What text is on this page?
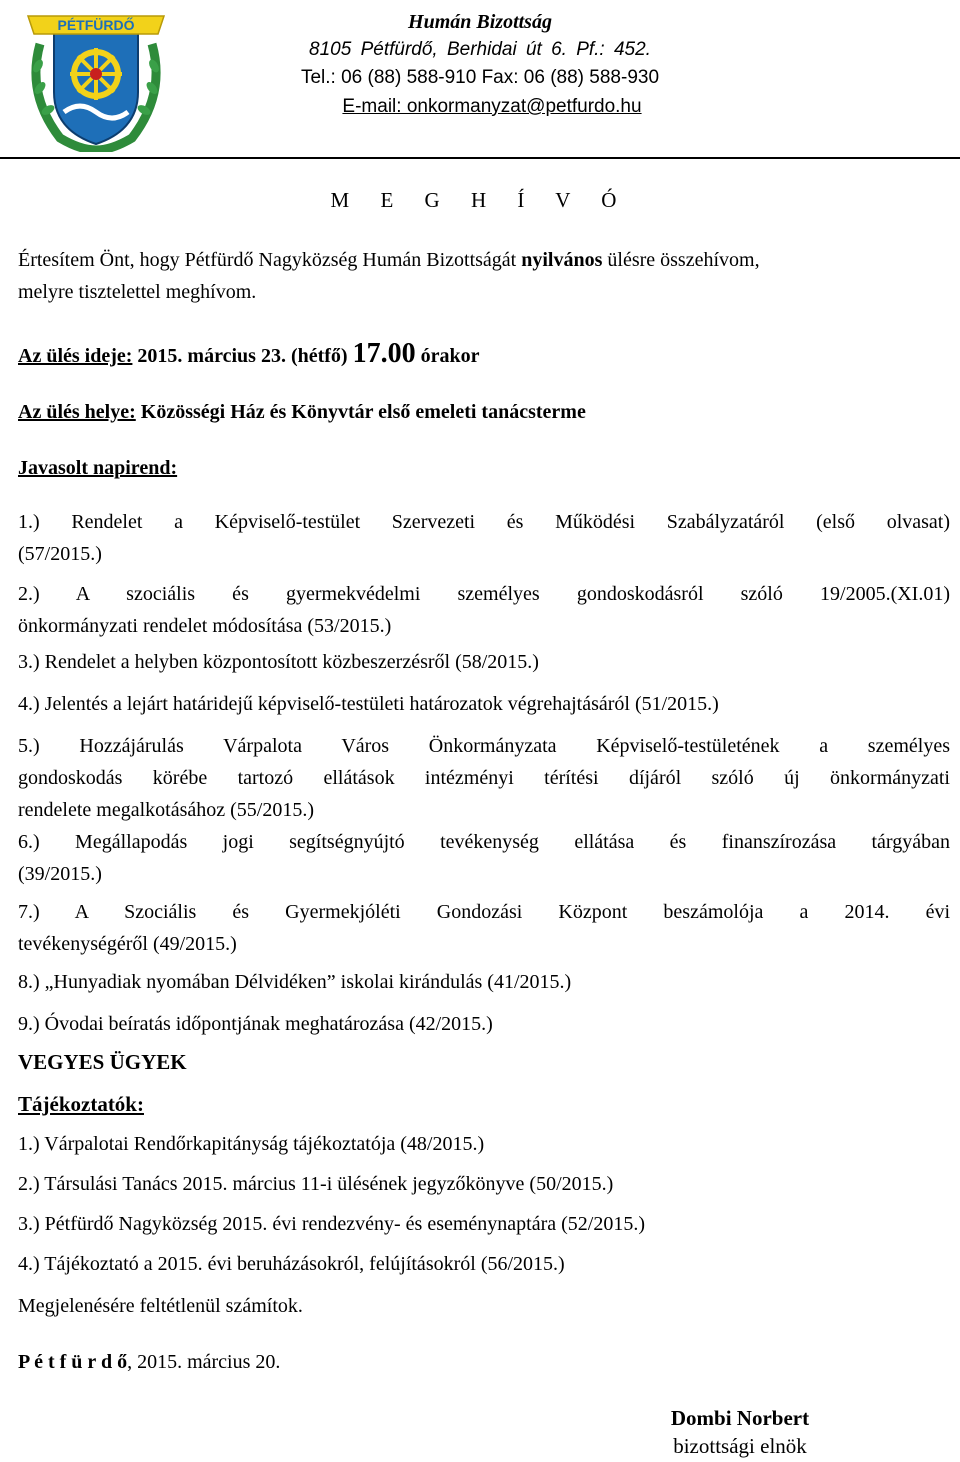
PÉTFÜRDŐ	Humán Bizottság
8105 Pétfürdő, Berhidai út 6. Pf.: 452.
Tel.: 06 (88) 588-910 Fax: 06 (88) 588-930
E-mail: onkormanyzat@petfurdo.hu
M E G H Í V Ó
Értesítem Önt, hogy Pétfürdő Nagyközség Humán Bizottságát nyilvános ülésre összehívom,
melyre tisztelettel meghívom.
Az ülés ideje: 2015. március 23. (hétfő) 17.00 órakor
Az ülés helye: Közösségi Ház és Könyvtár első emeleti tanácsterme
Javasolt napirend:
1.) Rendelet a Képviselő-testület Szervezeti és Működési Szabályzatáról (első olvasat)
(57/2015.)
2.) A szociális és gyermekvédelmi személyes gondoskodásról szóló 19/2005.(XI.01)
önkormányzati rendelet módosítása (53/2015.)
3.) Rendelet a helyben központosított közbeszerzésről (58/2015.)
4.) Jelentés a lejárt határidejű képviselő-testületi határozatok végrehajtásáról (51/2015.)
5.) Hozzájárulás Várpalota Város Önkormányzata Képviselő-testületének a személyes
gondoskodás körébe tartozó ellátások intézményi térítési díjáról szóló új önkormányzati
rendelete megalkotásához (55/2015.)
6.) Megállapodás jogi segítségnyújtó tevékenység ellátása és finanszírozása tárgyában
(39/2015.)
7.) A Szociális és Gyermekjóléti Gondozási Központ beszámolója a 2014. évi
tevékenységéről (49/2015.)
8.) „Hunyadiak nyomában Délvidéken” iskolai kirándulás (41/2015.)
9.) Óvodai beíratás időpontjának meghatározása (42/2015.)
VEGYES ÜGYEK
Tájékoztatók:
1.) Várpalotai Rendőrkapitányság tájékoztatója (48/2015.)
2.) Társulási Tanács 2015. március 11-i ülésének jegyzőkönyve (50/2015.)
3.) Pétfürdő Nagyközség 2015. évi rendezvény- és eseménynaptára (52/2015.)
4.) Tájékoztató a 2015. évi beruházásokról, felújításokról (56/2015.)
Megjelenésére feltétlenül számítok.
P é t f ü r d ő, 2015. március 20.
Dombi Norbert
bizottsági elnök
